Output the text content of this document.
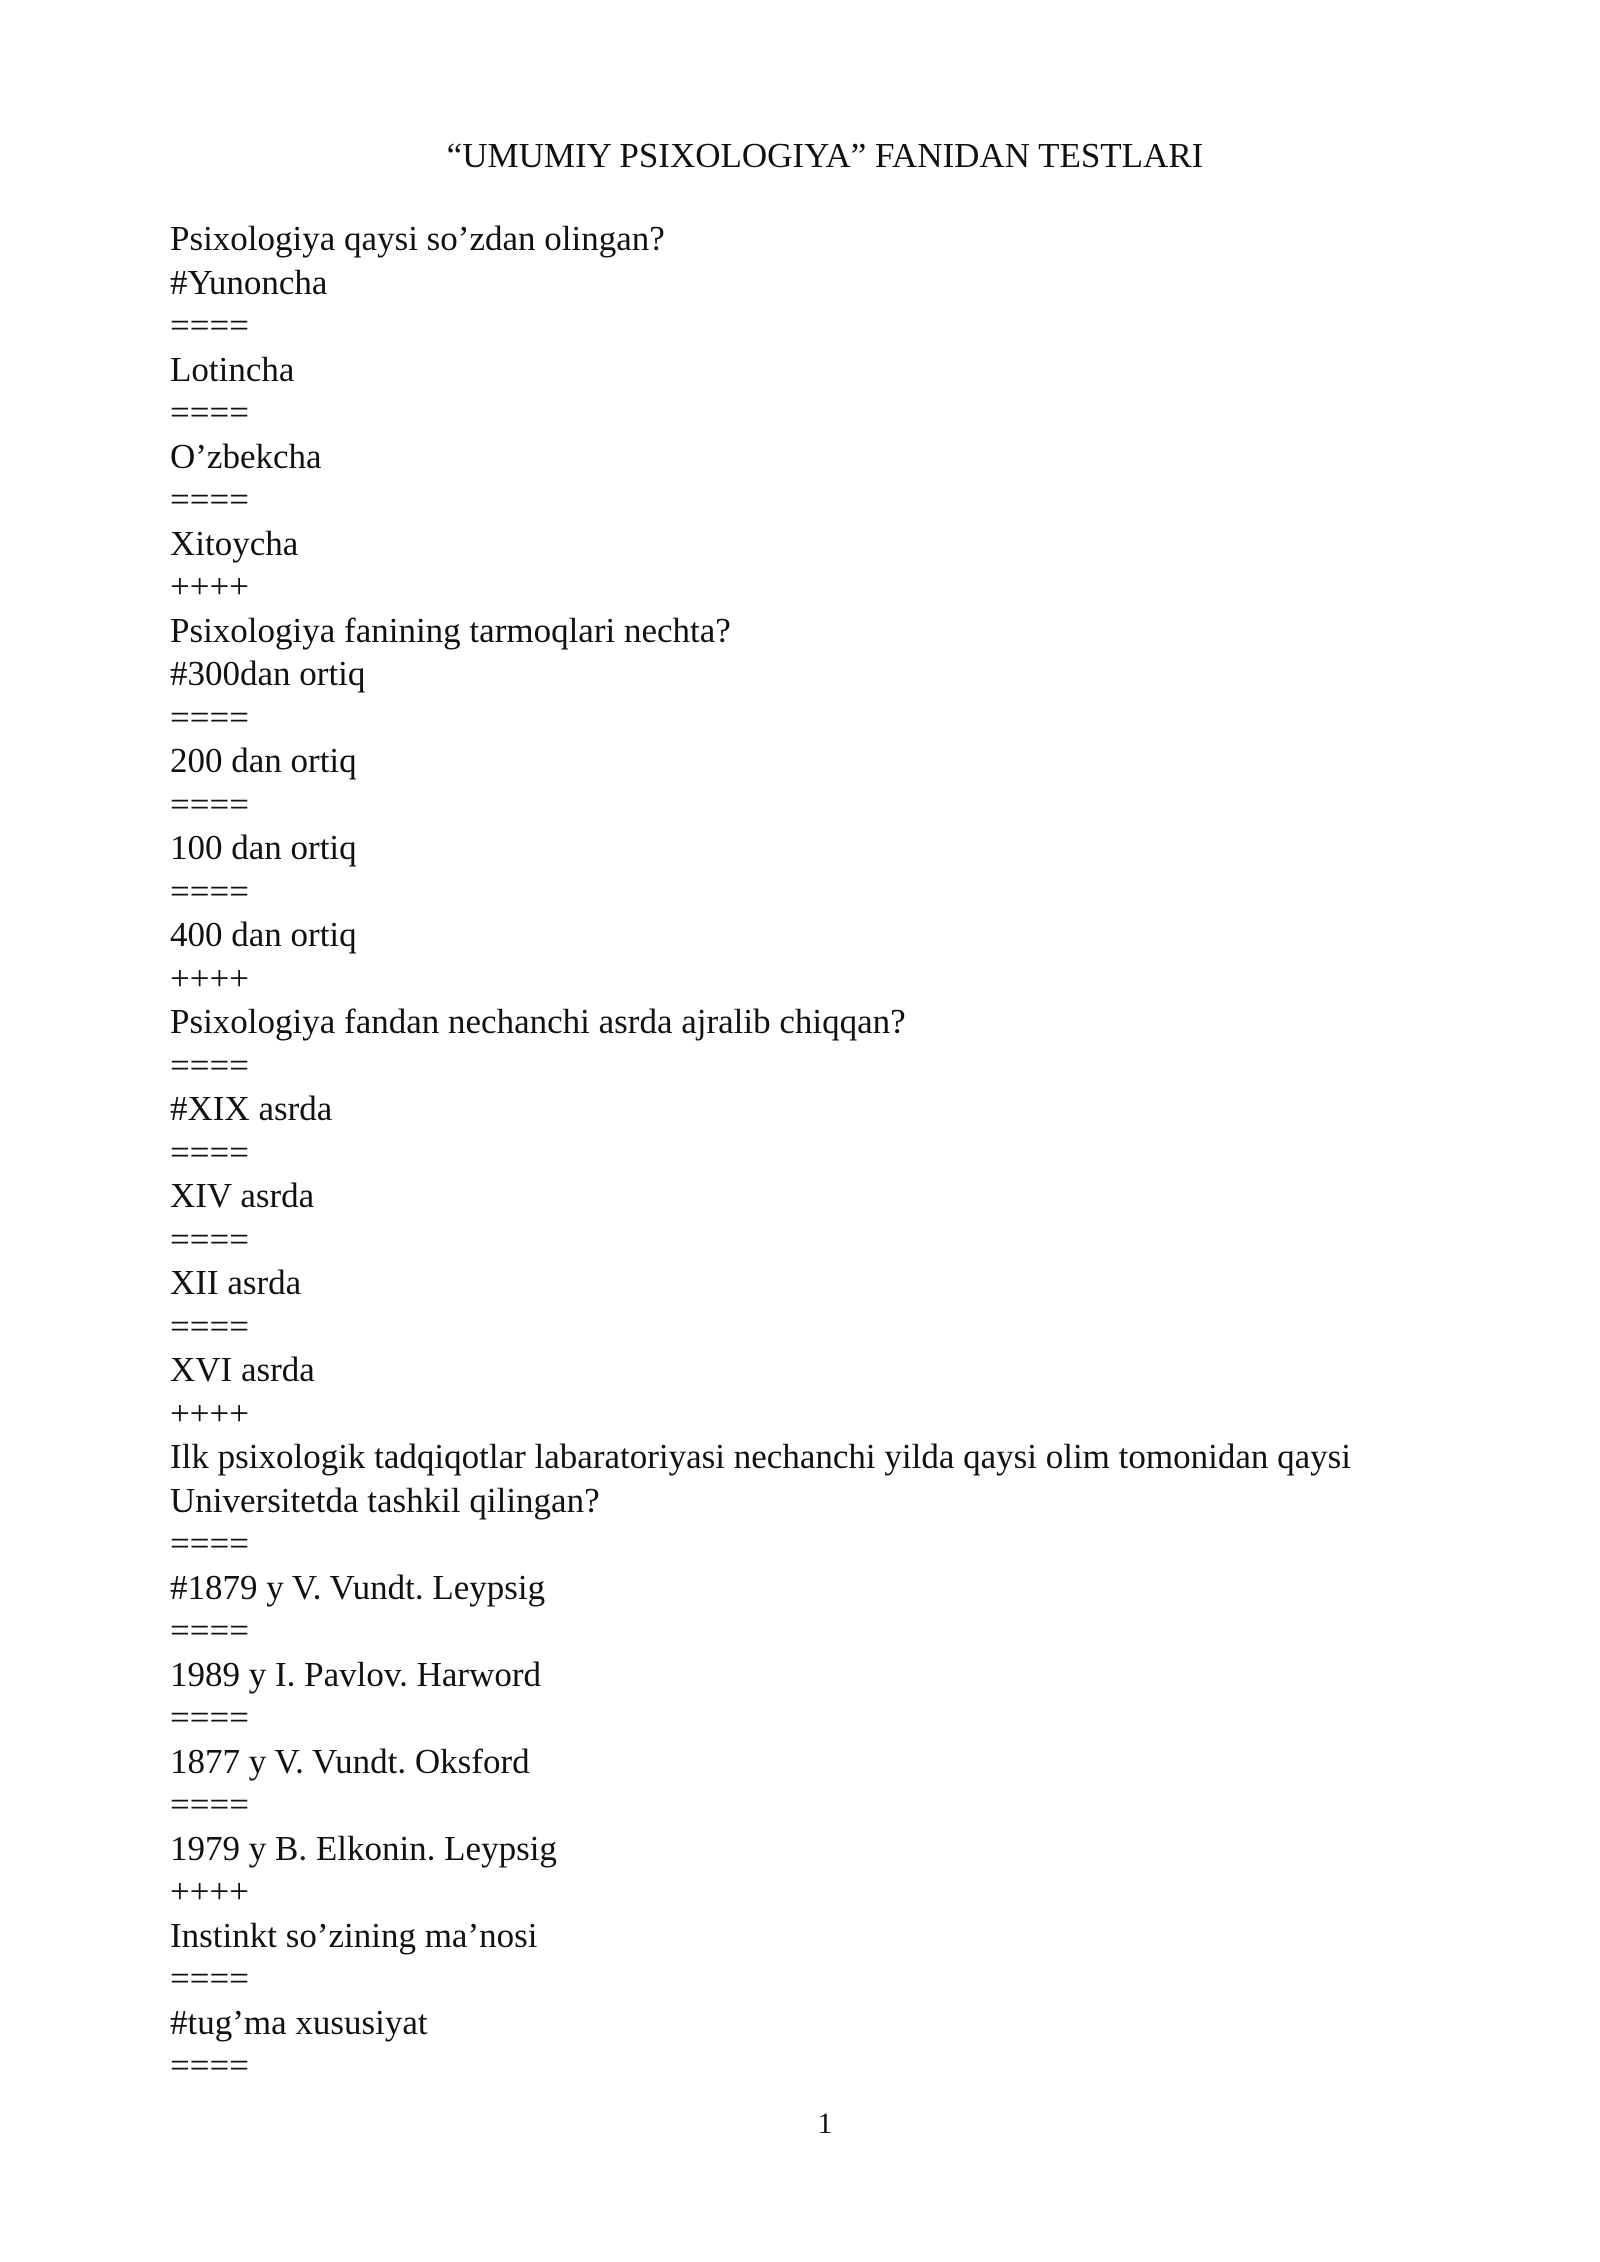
“UMUMIY PSIXOLOGIYA” FANIDAN TESTLARI
Psixologiya qaysi so’zdan olingan?
#Yunoncha
====
Lotincha
====
O’zbekcha
====
Xitoycha
++++
Psixologiya fanining tarmoqlari nechta?
#300dan ortiq
====
200 dan ortiq
====
100 dan ortiq
====
400 dan ortiq
++++
Psixologiya fandan nechanchi asrda ajralib chiqqan?
====
#XIX asrda
====
XIV asrda
====
XII asrda
====
XVI asrda
++++
Ilk psixologik tadqiqotlar labaratoriyasi nechanchi yilda qaysi olim tomonidan qaysi Universitetda tashkil qilingan?
====
#1879 y V. Vundt. Leypsig
====
1989 y I. Pavlov. Harword
====
1877 y V. Vundt. Oksford
====
1979 y B. Elkonin. Leypsig
++++
Instinkt so’zining ma’nosi
====
#tug’ma xususiyat
====
1
